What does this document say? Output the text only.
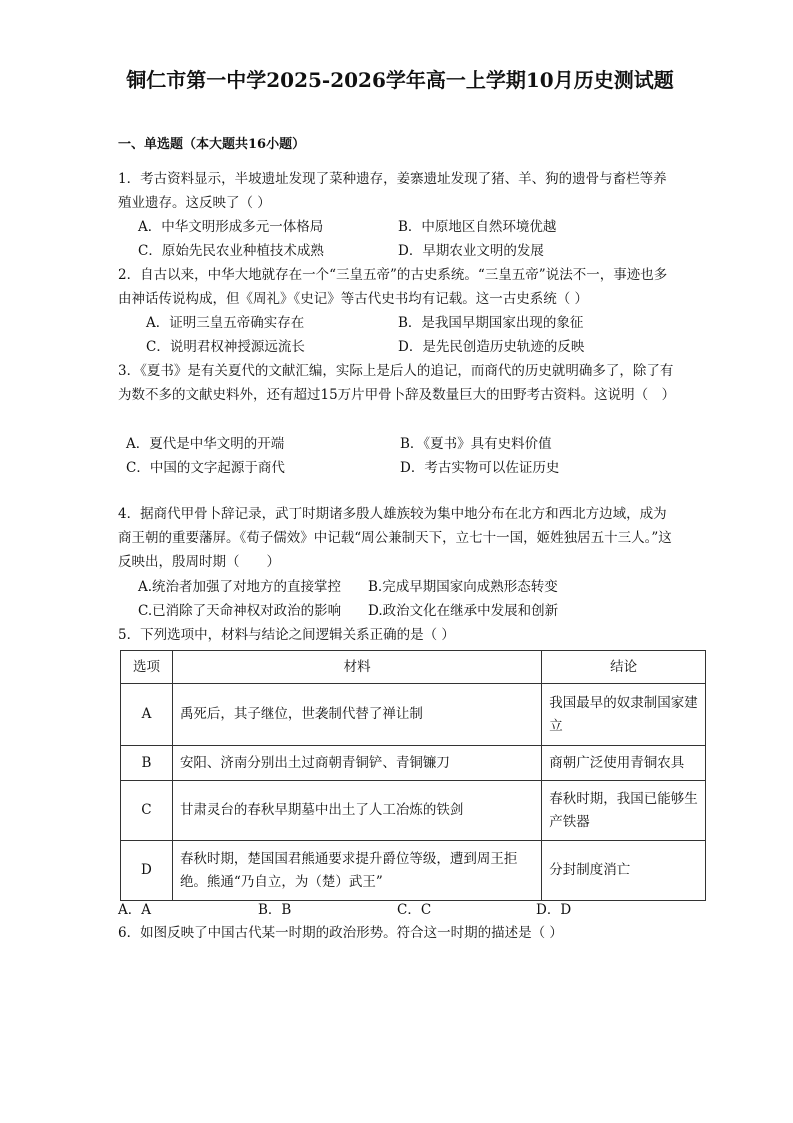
铜仁市第一中学2025-2026学年高一上学期10月历史测试题
一、单选题（本大题共16小题）
1．考古资料显示，半坡遗址发现了菜种遗存，姜寨遗址发现了猪、羊、狗的遗骨与畜栏等养殖业遗存。这反映了（ ）
A．中华文明形成多元一体格局	B．中原地区自然环境优越
C．原始先民农业种植技术成熟	D．早期农业文明的发展
2．自古以来，中华大地就存在一个“三皇五帝”的古史系统。“三皇五帝”说法不一，事迹也多由神话传说构成，但《周礼》《史记》等古代史书均有记载。这一古史系统（ ）
A．证明三皇五帝确实存在	B．是我国早期国家出现的象征
C．说明君权神授源远流长	D．是先民创造历史轨迹的反映
3．《夏书》是有关夏代的文献汇编，实际上是后人的追记，而商代的历史就明确多了，除了有为数不多的文献史料外，还有超过15万片甲骨卜辞及数量巨大的田野考古资料。这说明（　）
A．夏代是中华文明的开端	B．《夏书》具有史料价值
C．中国的文字起源于商代	D．考古实物可以佐证历史
4．据商代甲骨卜辞记录，武丁时期诸多殷人雄族较为集中地分布在北方和西北方边域，成为商王朝的重要藩屏。《荀子儒效》中记载“周公兼制天下，立七十一国，姬姓独居五十三人。”这反映出，殷周时期（　　）
A.统治者加强了对地方的直接掌控 B.完成早期国家向成熟形态转变
C.已消除了天命神权对政治的影响 D.政治文化在继承中发展和创新
5．下列选项中，材料与结论之间逻辑关系正确的是（ ）
选项	材料	结论
A	禹死后，其子继位，世袭制代替了禅让制	我国最早的奴隶制国家建立
B	安阳、济南分别出土过商朝青铜铲、青铜镰刀	商朝广泛使用青铜农具
C	甘肃灵台的春秋早期墓中出土了人工冶炼的铁剑	春秋时期，我国已能够生产铁器
D	春秋时期，楚国国君熊通要求提升爵位等级，遭到周王拒绝。熊通“乃自立，为（楚）武王”	分封制度消亡
A．A	B．B	C．C	D．D
6．如图反映了中国古代某一时期的政治形势。符合这一时期的描述是（ ）
